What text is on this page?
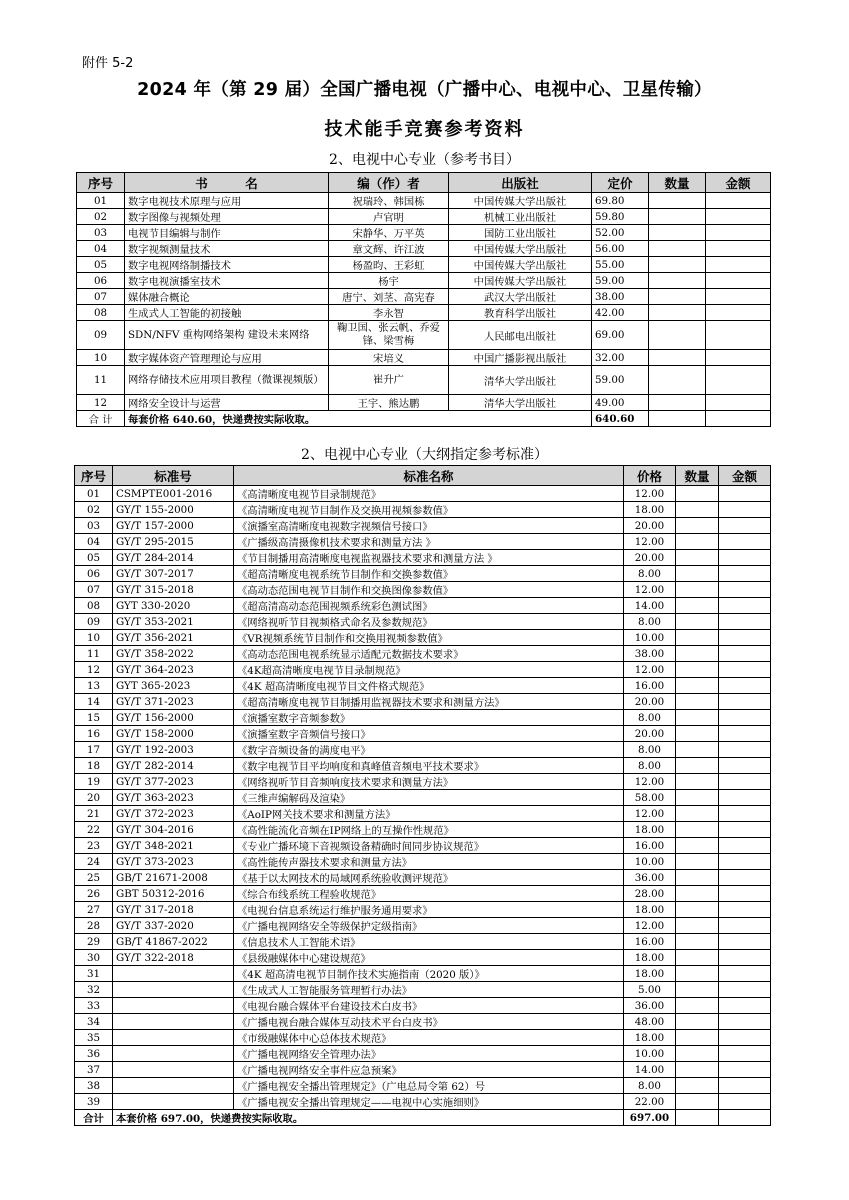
附件 5-2
2024 年（第 29 届）全国广播电视（广播中心、电视中心、卫星传输）
技术能手竞赛参考资料
2、电视中心专业（参考书目）
序号	书　　　名	编（作）者	出版社	定价	数量	金额
01	数字电视技术原理与应用	祝瑞玲、韩国栋	中国传媒大学出版社	69.80		
02	数字图像与视频处理	卢官明	机械工业出版社	59.80		
03	电视节目编辑与制作	宋静华、万平英	国防工业出版社	52.00		
04	数字视频测量技术	章文辉、许江波	中国传媒大学出版社	56.00		
05	数字电视网络制播技术	杨盈昀、王彩虹	中国传媒大学出版社	55.00		
06	数字电视演播室技术	杨宇	中国传媒大学出版社	59.00		
07	媒体融合概论	唐宁、刘茎、高宪春	武汉大学出版社	38.00		
08	生成式人工智能的初接触	李永智	教育科学出版社	42.00		
09	SDN/NFV 重构网络架构 建设未来网络	鞠卫国、张云帆、乔爱锋、梁雪梅	人民邮电出版社	69.00		
10	数字媒体资产管理理论与应用	宋培义	中国广播影视出版社	32.00		
11	网络存储技术应用项目教程（微课视频版）	崔升广	清华大学出版社	59.00		
12	网络安全设计与运营	王宇、熊达鹏	清华大学出版社	49.00		
合 计	每套价格 640.60，快递费按实际收取。			640.60		
2、电视中心专业（大纲指定参考标准）
序号	标准号	标准名称	价格	数量	金额
01	CSMPTE001-2016	《高清晰度电视节目录制规范》	12.00		
02	GY/T 155-2000	《高清晰度电视节目制作及交换用视频参数值》	18.00		
03	GY/T 157-2000	《演播室高清晰度电视数字视频信号接口》	20.00		
04	GY/T 295-2015	《广播级高清摄像机技术要求和测量方法 》	12.00		
05	GY/T 284-2014	《节目制播用高清晰度电视监视器技术要求和测量方法 》	20.00		
06	GY/T 307-2017	《超高清晰度电视系统节目制作和交换参数值》	8.00		
07	GY/T 315-2018	《高动态范围电视节目制作和交换图像参数值》	12.00		
08	GYT 330-2020	《超高清高动态范围视频系统彩色测试图》	14.00		
09	GY/T 353-2021	《网络视听节目视频格式命名及参数规范》	8.00		
10	GY/T 356-2021	《VR视频系统节目制作和交换用视频参数值》	10.00		
11	GY/T 358-2022	《高动态范围电视系统显示适配元数据技术要求》	38.00		
12	GY/T 364-2023	《4K超高清晰度电视节目录制规范》	12.00		
13	GYT 365-2023	《4K 超高清晰度电视节目文件格式规范》	16.00		
14	GY/T 371-2023	《超高清晰度电视节目制播用监视器技术要求和测量方法》	20.00		
15	GY/T 156-2000	《演播室数字音频参数》	8.00		
16	GY/T 158-2000	《演播室数字音频信号接口》	20.00		
17	GY/T 192-2003	《数字音频设备的满度电平》	8.00		
18	GY/T 282-2014	《数字电视节目平均响度和真峰值音频电平技术要求》	8.00		
19	GY/T 377-2023	《网络视听节目音频响度技术要求和测量方法》	12.00		
20	GY/T 363-2023	《三维声编解码及渲染》	58.00		
21	GY/T 372-2023	《AoIP网关技术要求和测量方法》	12.00		
22	GY/T 304-2016	《高性能流化音频在IP网络上的互操作性规范》	18.00		
23	GY/T 348-2021	《专业广播环境下音视频设备精确时间同步协议规范》	16.00		
24	GY/T 373-2023	《高性能传声器技术要求和测量方法》	10.00		
25	GB/T 21671-2008	《基于以太网技术的局域网系统验收测评规范》	36.00		
26	GBT 50312-2016	《综合布线系统工程验收规范》	28.00		
27	GY/T 317-2018	《电视台信息系统运行维护服务通用要求》	18.00		
28	GY/T 337-2020	《广播电视网络安全等级保护定级指南》	12.00		
29	GB/T 41867-2022	《信息技术人工智能术语》	16.00		
30	GY/T 322-2018	《县级融媒体中心建设规范》	18.00		
31		《4K 超高清电视节目制作技术实施指南（2020 版）》	18.00		
32		《生成式人工智能服务管理暂行办法》	5.00		
33		《电视台融合媒体平台建设技术白皮书》	36.00		
34		《广播电视台融合媒体互动技术平台白皮书》	48.00		
35		《市级融媒体中心总体技术规范》	18.00		
36		《广播电视网络安全管理办法》	10.00		
37		《广播电视网络安全事件应急预案》	14.00		
38		《广播电视安全播出管理规定》（广电总局令第 62）号	8.00		
39		《广播电视安全播出管理规定——电视中心实施细则》	22.00		
合计	本套价格 697.00，快递费按实际收取。		697.00		
